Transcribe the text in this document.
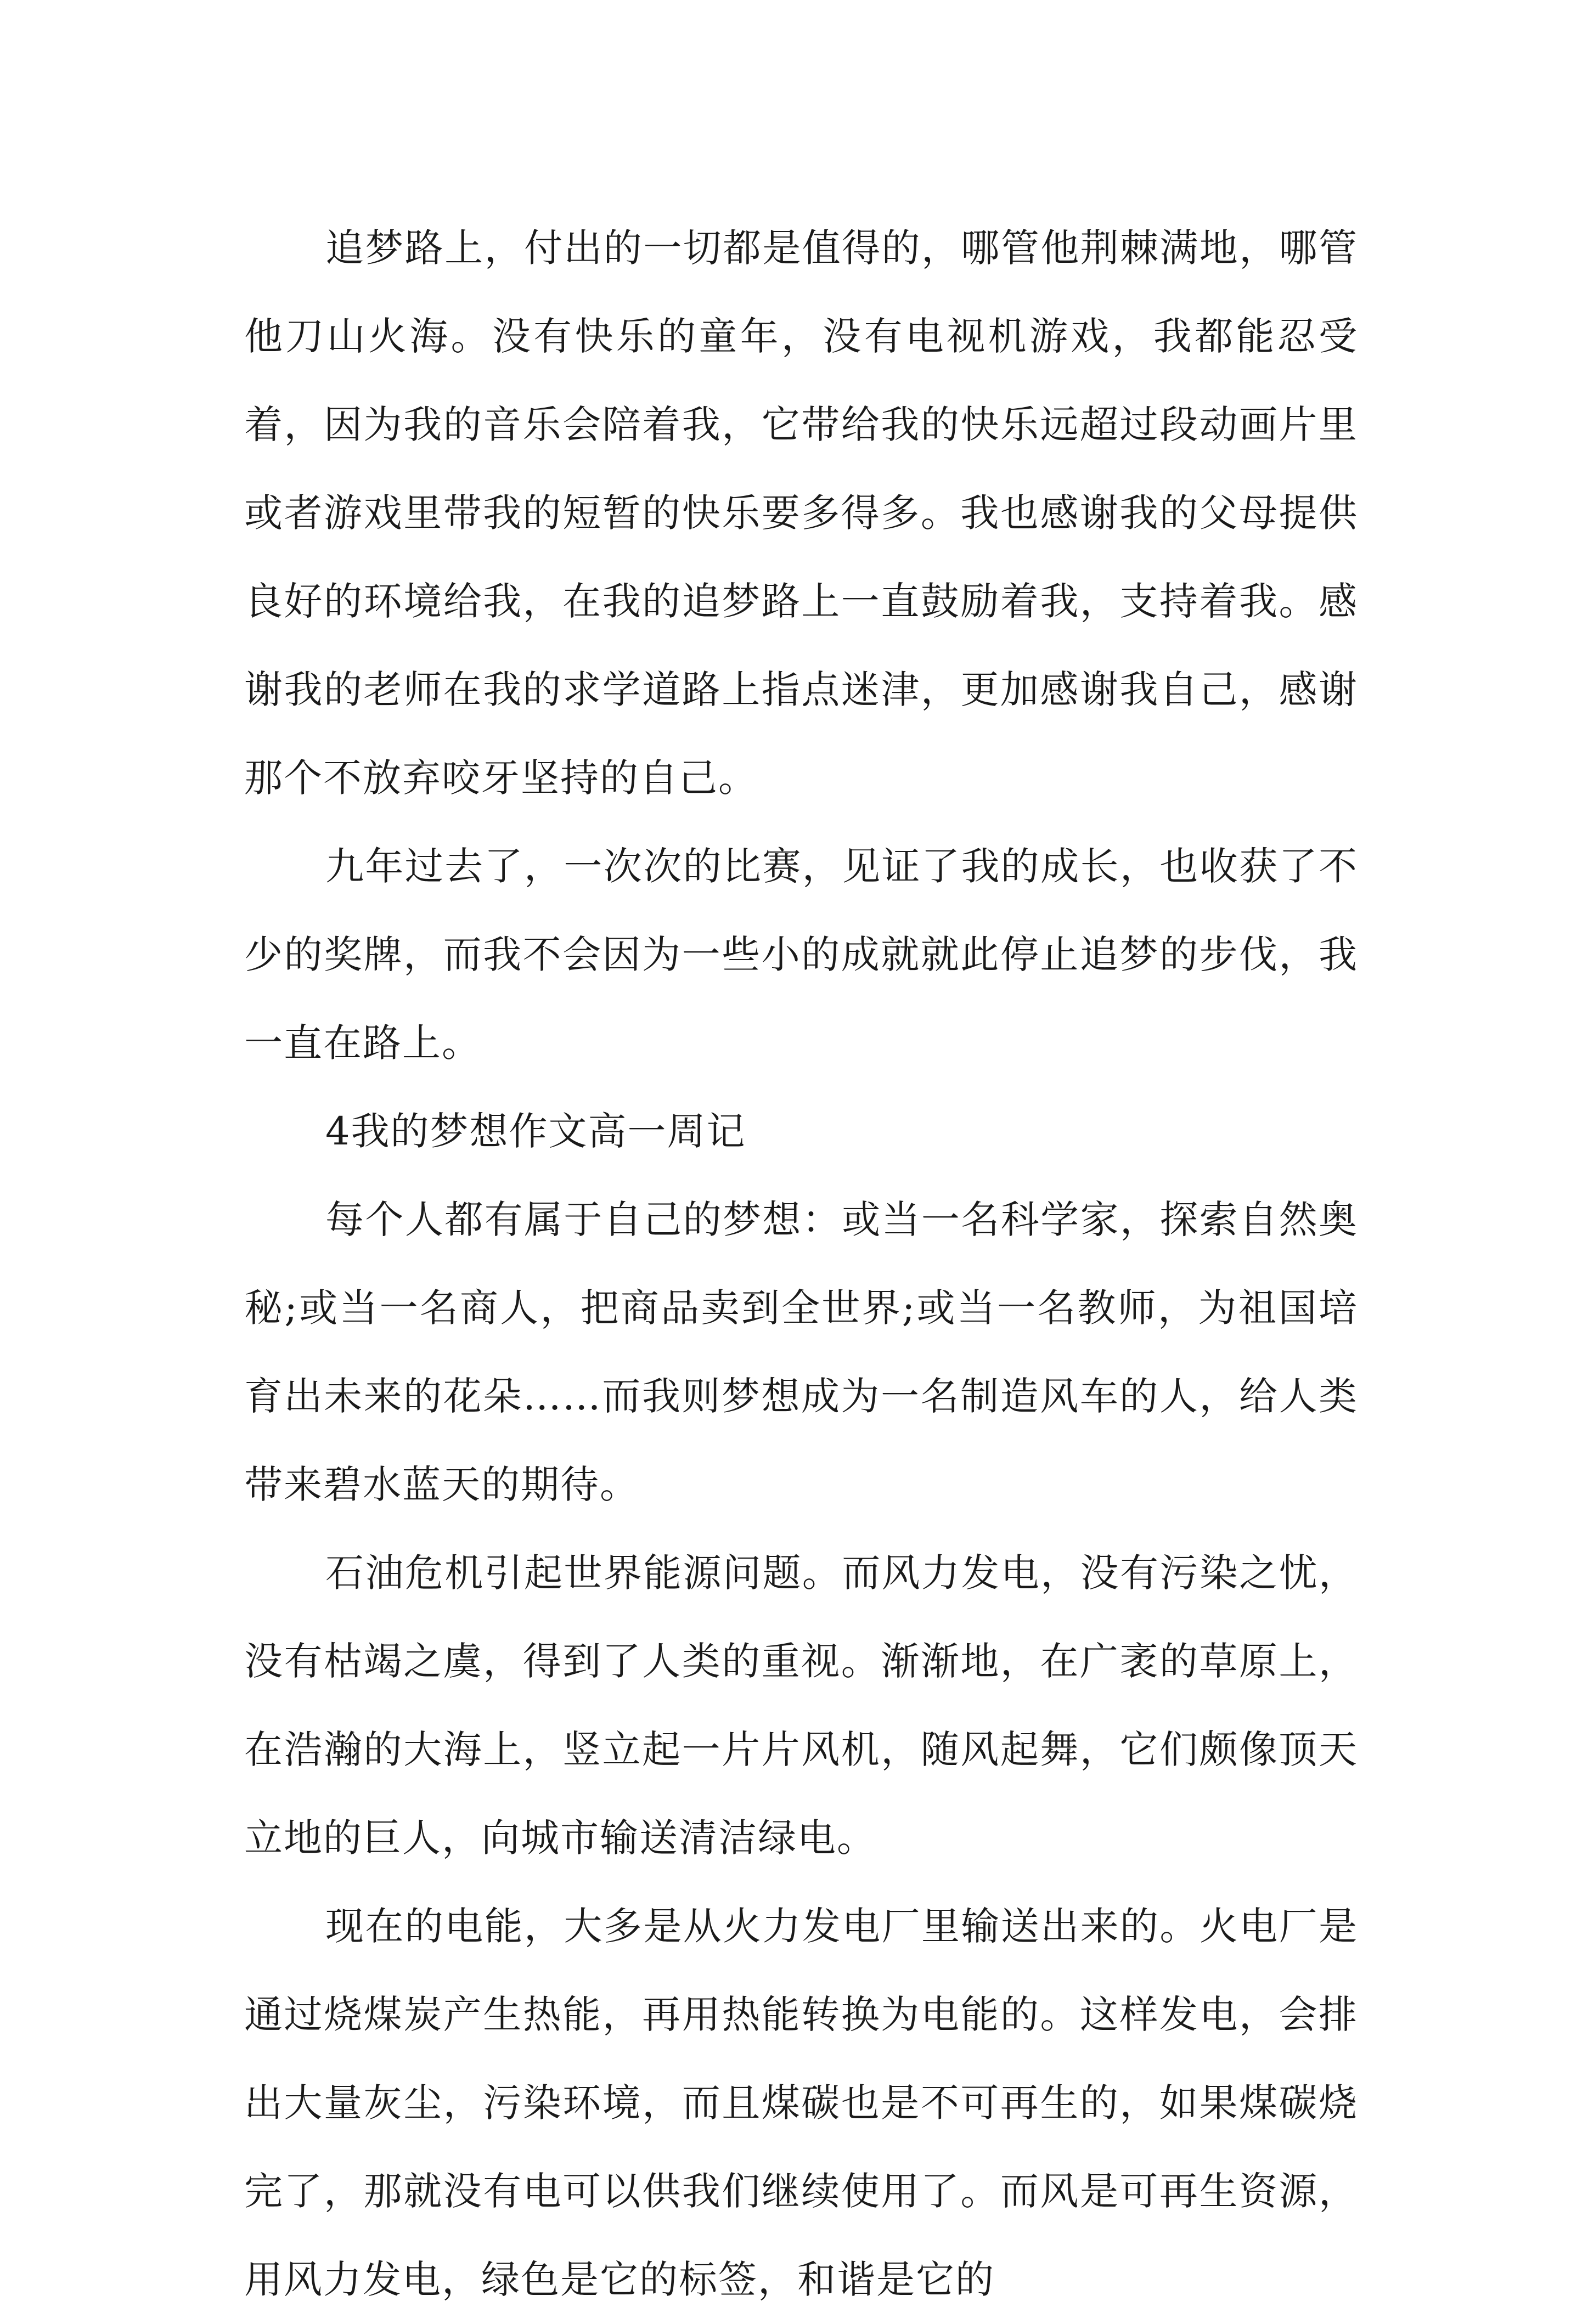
追梦路上，付出的一切都是值得的，哪管他荆棘满地，哪管他刀山火海。没有快乐的童年，没有电视机游戏，我都能忍受着，因为我的音乐会陪着我，它带给我的快乐远超过段动画片里或者游戏里带我的短暂的快乐要多得多。我也感谢我的父母提供良好的环境给我，在我的追梦路上一直鼓励着我，支持着我。感谢我的老师在我的求学道路上指点迷津，更加感谢我自己，感谢那个不放弃咬牙坚持的自己。

九年过去了，一次次的比赛，见证了我的成长，也收获了不少的奖牌，而我不会因为一些小的成就就此停止追梦的步伐，我一直在路上。

4我的梦想作文高一周记

每个人都有属于自己的梦想：或当一名科学家，探索自然奥秘;或当一名商人，把商品卖到全世界;或当一名教师，为祖国培育出未来的花朵……而我则梦想成为一名制造风车的人，给人类带来碧水蓝天的期待。

石油危机引起世界能源问题。而风力发电，没有污染之忧，没有枯竭之虞，得到了人类的重视。渐渐地，在广袤的草原上，在浩瀚的大海上，竖立起一片片风机，随风起舞，它们颇像顶天立地的巨人，向城市输送清洁绿电。

现在的电能，大多是从火力发电厂里输送出来的。火电厂是通过烧煤炭产生热能，再用热能转换为电能的。这样发电，会排出大量灰尘，污染环境，而且煤碳也是不可再生的，如果煤碳烧完了，那就没有电可以供我们继续使用了。而风是可再生资源，用风力发电，绿色是它的标签，和谐是它的
